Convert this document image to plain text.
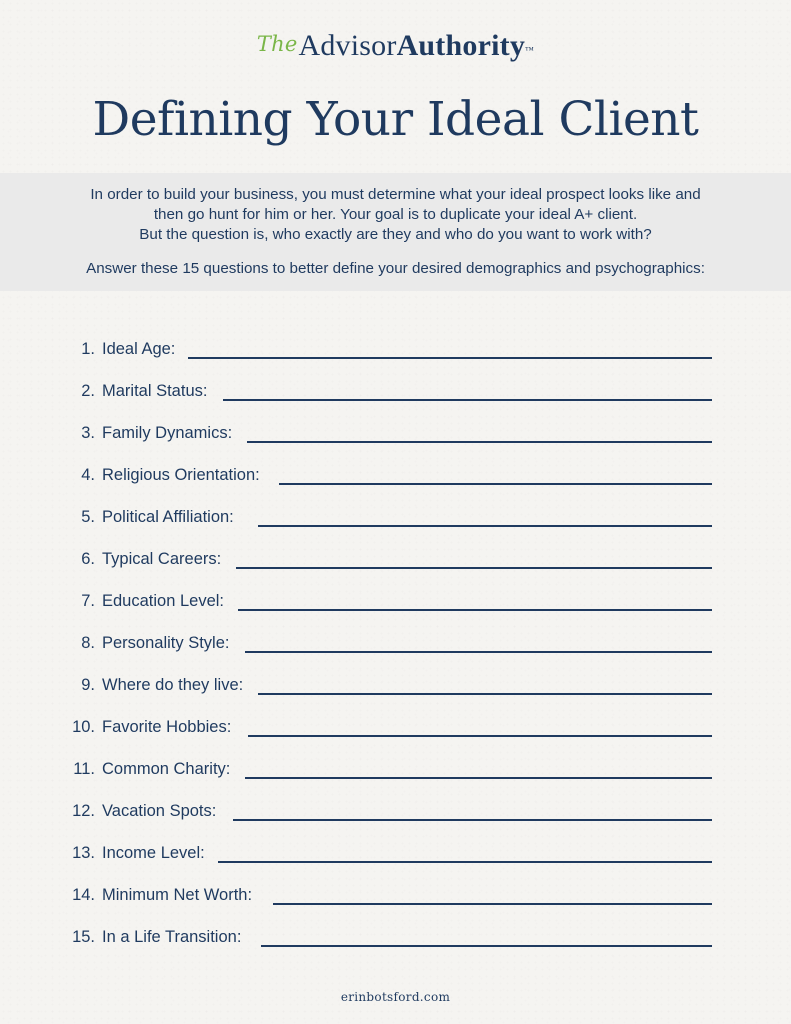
TheAdvisorAuthority™
Defining Your Ideal Client
In order to build your business, you must determine what your ideal prospect looks like and
then go hunt for him or her. Your goal is to duplicate your ideal A+ client.
But the question is, who exactly are they and who do you want to work with?
Answer these 15 questions to better define your desired demographics and psychographics:
1. Ideal Age:
2. Marital Status:
3. Family Dynamics:
4. Religious Orientation:
5. Political Affiliation:
6. Typical Careers:
7. Education Level:
8. Personality Style:
9. Where do they live:
10. Favorite Hobbies:
11. Common Charity:
12. Vacation Spots:
13. Income Level:
14. Minimum Net Worth:
15. In a Life Transition:
erinbotsford.com
